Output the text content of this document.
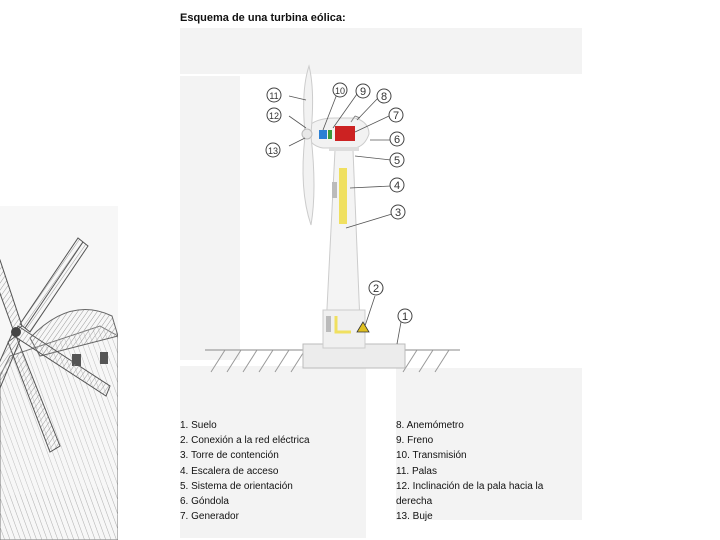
Esquema de una turbina eólica:
1
2
3
4
5
6
7
8
9
10
11
12
13
1. Suelo
2. Conexión a la red eléctrica
3. Torre de contención
4. Escalera de acceso
5. Sistema de orientación
6. Góndola
7. Generador
8. Anemómetro
9. Freno
10. Transmisión
11. Palas
12. Inclinación de la pala hacia la derecha
13. Buje
